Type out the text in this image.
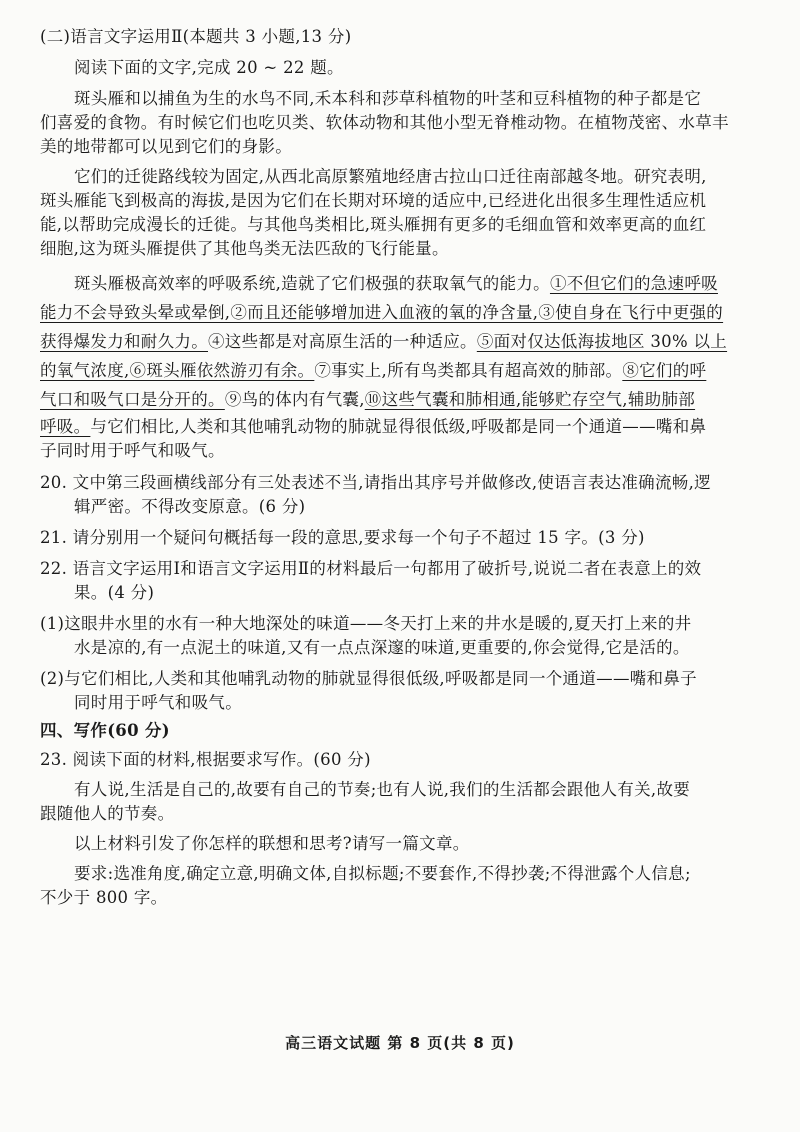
(二)语言文字运用Ⅱ(本题共 3 小题,13 分)
阅读下面的文字,完成 20 ~ 22 题。
斑头雁和以捕鱼为生的水鸟不同,禾本科和莎草科植物的叶茎和豆科植物的种子都是它
们喜爱的食物。有时候它们也吃贝类、软体动物和其他小型无脊椎动物。在植物茂密、水草丰
美的地带都可以见到它们的身影。
它们的迁徙路线较为固定,从西北高原繁殖地经唐古拉山口迁往南部越冬地。研究表明,
斑头雁能飞到极高的海拔,是因为它们在长期对环境的适应中,已经进化出很多生理性适应机
能,以帮助完成漫长的迁徙。与其他鸟类相比,斑头雁拥有更多的毛细血管和效率更高的血红
细胞,这为斑头雁提供了其他鸟类无法匹敌的飞行能量。
斑头雁极高效率的呼吸系统,造就了它们极强的获取氧气的能力。①不但它们的急速呼吸
能力不会导致头晕或晕倒,②而且还能够增加进入血液的氧的净含量,③使自身在飞行中更强的
获得爆发力和耐久力。④这些都是对高原生活的一种适应。⑤面对仅达低海拔地区 30% 以上
的氧气浓度,⑥斑头雁依然游刃有余。⑦事实上,所有鸟类都具有超高效的肺部。⑧它们的呼
气口和吸气口是分开的。⑨鸟的体内有气囊,⑩这些气囊和肺相通,能够贮存空气,辅助肺部
呼吸。与它们相比,人类和其他哺乳动物的肺就显得很低级,呼吸都是同一个通道——嘴和鼻
子同时用于呼气和吸气。
20. 文中第三段画横线部分有三处表述不当,请指出其序号并做修改,使语言表达准确流畅,逻
辑严密。不得改变原意。(6 分)
21. 请分别用一个疑问句概括每一段的意思,要求每一个句子不超过 15 字。(3 分)
22. 语言文字运用Ⅰ和语言文字运用Ⅱ的材料最后一句都用了破折号,说说二者在表意上的效
果。(4 分)
(1)这眼井水里的水有一种大地深处的味道——冬天打上来的井水是暖的,夏天打上来的井
水是凉的,有一点泥土的味道,又有一点点深邃的味道,更重要的,你会觉得,它是活的。
(2)与它们相比,人类和其他哺乳动物的肺就显得很低级,呼吸都是同一个通道——嘴和鼻子
同时用于呼气和吸气。
四、写作(60 分)
23. 阅读下面的材料,根据要求写作。(60 分)
有人说,生活是自己的,故要有自己的节奏;也有人说,我们的生活都会跟他人有关,故要
跟随他人的节奏。
以上材料引发了你怎样的联想和思考?请写一篇文章。
要求:选准角度,确定立意,明确文体,自拟标题;不要套作,不得抄袭;不得泄露个人信息;
不少于 800 字。
高三语文试题 第 8 页(共 8 页)
